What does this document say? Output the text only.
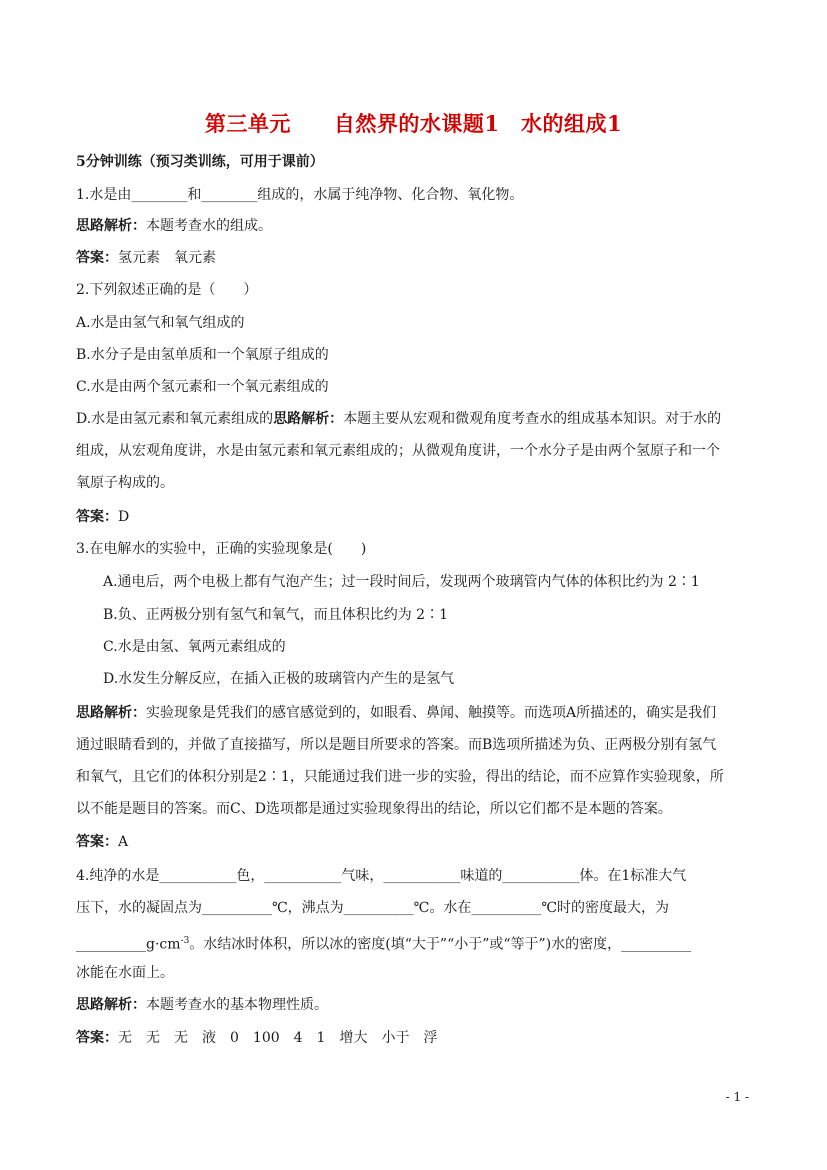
第三单元　　自然界的水课题1　水的组成1
5分钟训练（预习类训练，可用于课前）
1.水是由________和________组成的，水属于纯净物、化合物、氧化物。
思路解析：本题考查水的组成。
答案：氢元素　氧元素
2.下列叙述正确的是（　　）
A.水是由氢气和氧气组成的
B.水分子是由氢单质和一个氧原子组成的
C.水是由两个氢元素和一个氧元素组成的
D.水是由氢元素和氧元素组成的思路解析：本题主要从宏观和微观角度考查水的组成基本知识。对于水的
组成，从宏观角度讲，水是由氢元素和氧元素组成的；从微观角度讲，一个水分子是由两个氢原子和一个
氧原子构成的。
答案：D
3.在电解水的实验中，正确的实验现象是(　　)
A.通电后，两个电极上都有气泡产生；过一段时间后，发现两个玻璃管内气体的体积比约为 2∶1
B.负、正两极分别有氢气和氧气，而且体积比约为 2∶1
C.水是由氢、氧两元素组成的
D.水发生分解反应，在插入正极的玻璃管内产生的是氢气
思路解析：实验现象是凭我们的感官感觉到的，如眼看、鼻闻、触摸等。而选项A所描述的，确实是我们
通过眼睛看到的，并做了直接描写，所以是题目所要求的答案。而B选项所描述为负、正两极分别有氢气
和氧气，且它们的体积分别是2∶1，只能通过我们进一步的实验，得出的结论，而不应算作实验现象，所
以不能是题目的答案。而C、D选项都是通过实验现象得出的结论，所以它们都不是本题的答案。
答案：A
4.纯净的水是___________色，___________气味，___________味道的___________体。在1标准大气
压下，水的凝固点为__________℃，沸点为__________℃。水在__________℃时的密度最大，为
$\_\_\_\_\_\_\_\_\_\_g\cdot cm^{-3}$。水结冰时体积，所以冰的密度(填“大于”“小于”或“等于”)水的密度，__________
冰能在水面上。
思路解析：本题考查水的基本物理性质。
答案：无　无　无　液　0　100　4　1　增大　小于　浮
- 1 -
